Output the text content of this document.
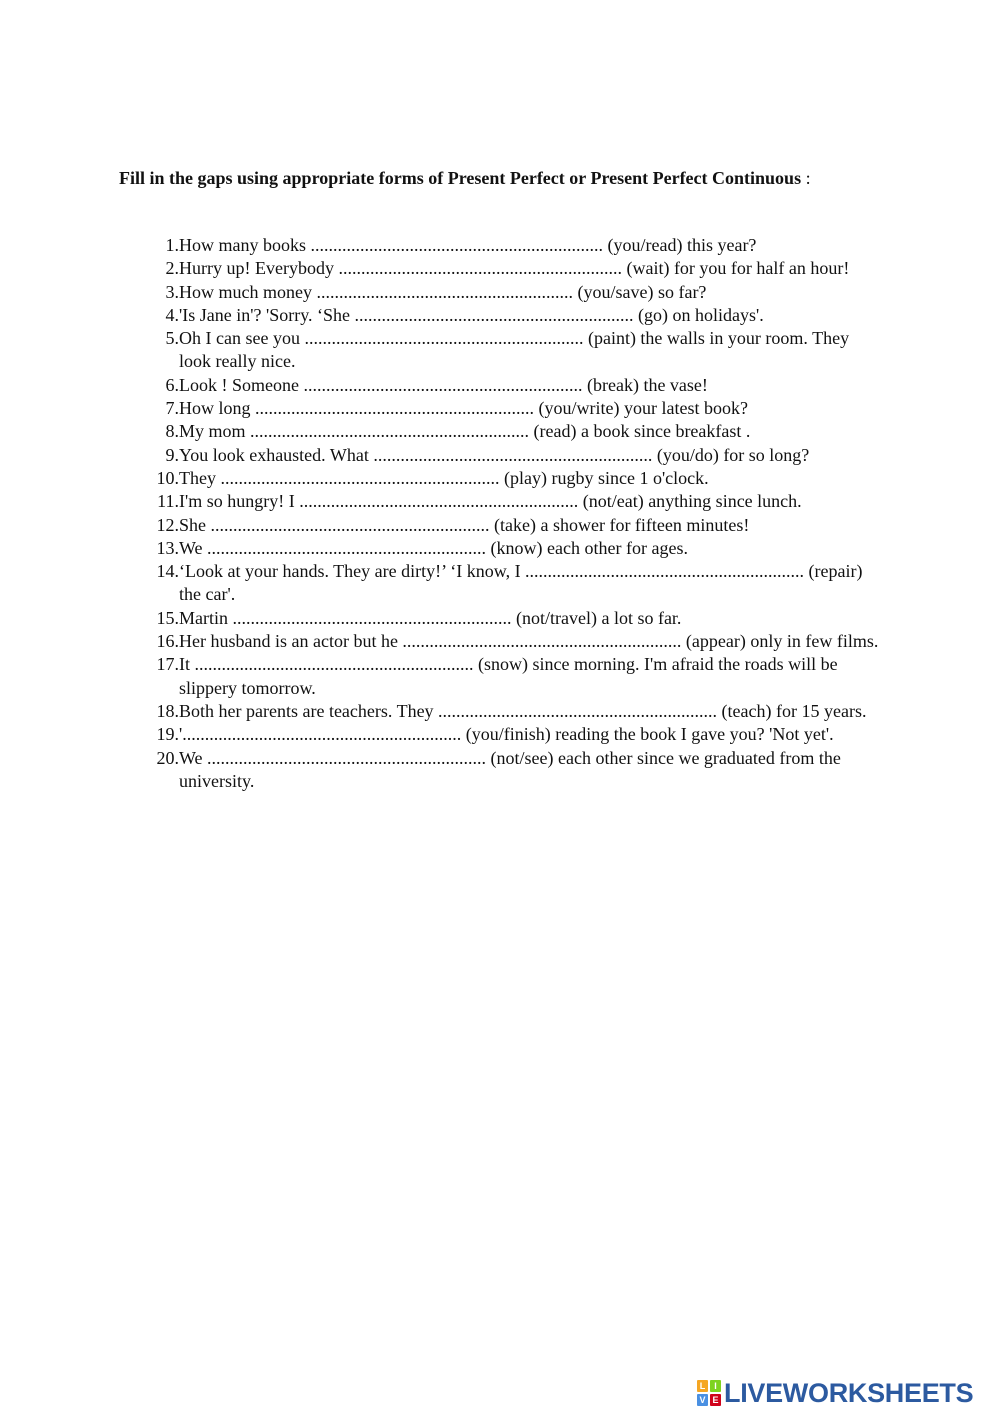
Fill in the gaps using appropriate forms of Present Perfect or Present Perfect Continuous :
1. How many books ................................................................. (you/read) this year?
2. Hurry up! Everybody ............................................................... (wait) for you for half an hour!
3. How much money ......................................................... (you/save) so far?
4. 'Is Jane in'? 'Sorry. ‘She .............................................................. (go) on holidays'.
5. Oh I can see you .............................................................. (paint) the walls in your room. They look really nice.
6. Look ! Someone .............................................................. (break) the vase!
7. How long .............................................................. (you/write) your latest book?
8. My mom .............................................................. (read) a book since breakfast .
9. You look exhausted. What .............................................................. (you/do) for so long?
10. They .............................................................. (play) rugby since 1 o'clock.
11. I'm so hungry! I .............................................................. (not/eat) anything since lunch.
12. She .............................................................. (take) a shower for fifteen minutes!
13. We .............................................................. (know) each other for ages.
14. ‘Look at your hands. They are dirty!’ ‘I know, I .............................................................. (repair) the car'.
15. Martin .............................................................. (not/travel) a lot so far.
16. Her husband is an actor but he .............................................................. (appear) only in few films.
17. It .............................................................. (snow) since morning. I'm afraid the roads will be slippery tomorrow.
18. Both her parents are teachers. They .............................................................. (teach) for 15 years.
19. '.............................................................. (you/finish) reading the book I gave you? 'Not yet'.
20. We .............................................................. (not/see) each other since we graduated from the university.
L I
V E LIVEWORKSHEETS
